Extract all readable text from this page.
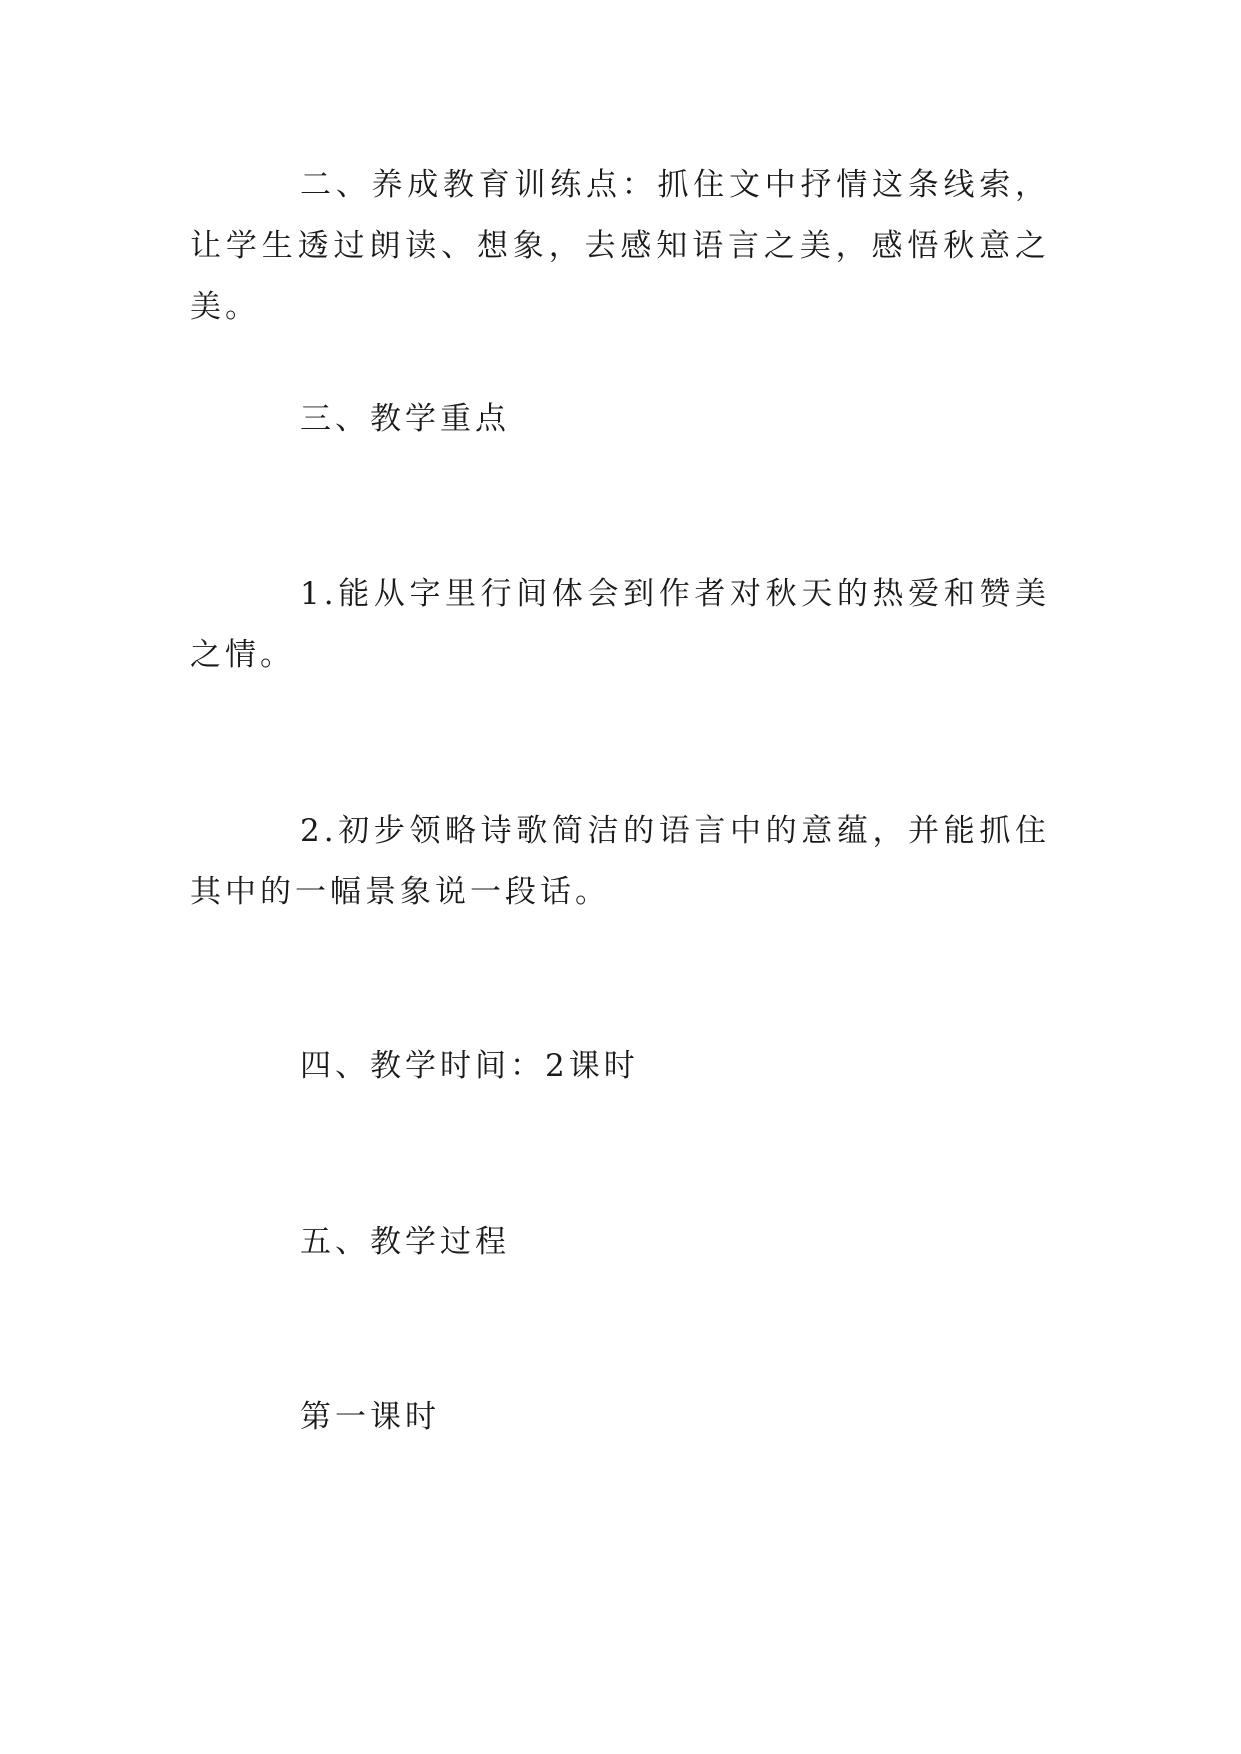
二、养成教育训练点：抓住文中抒情这条线索，让学生透过朗读、想象，去感知语言之美，感悟秋意之美。

三、教学重点

1.能从字里行间体会到作者对秋天的热爱和赞美之情。

2.初步领略诗歌简洁的语言中的意蕴，并能抓住其中的一幅景象说一段话。

四、教学时间：2课时

五、教学过程

第一课时
